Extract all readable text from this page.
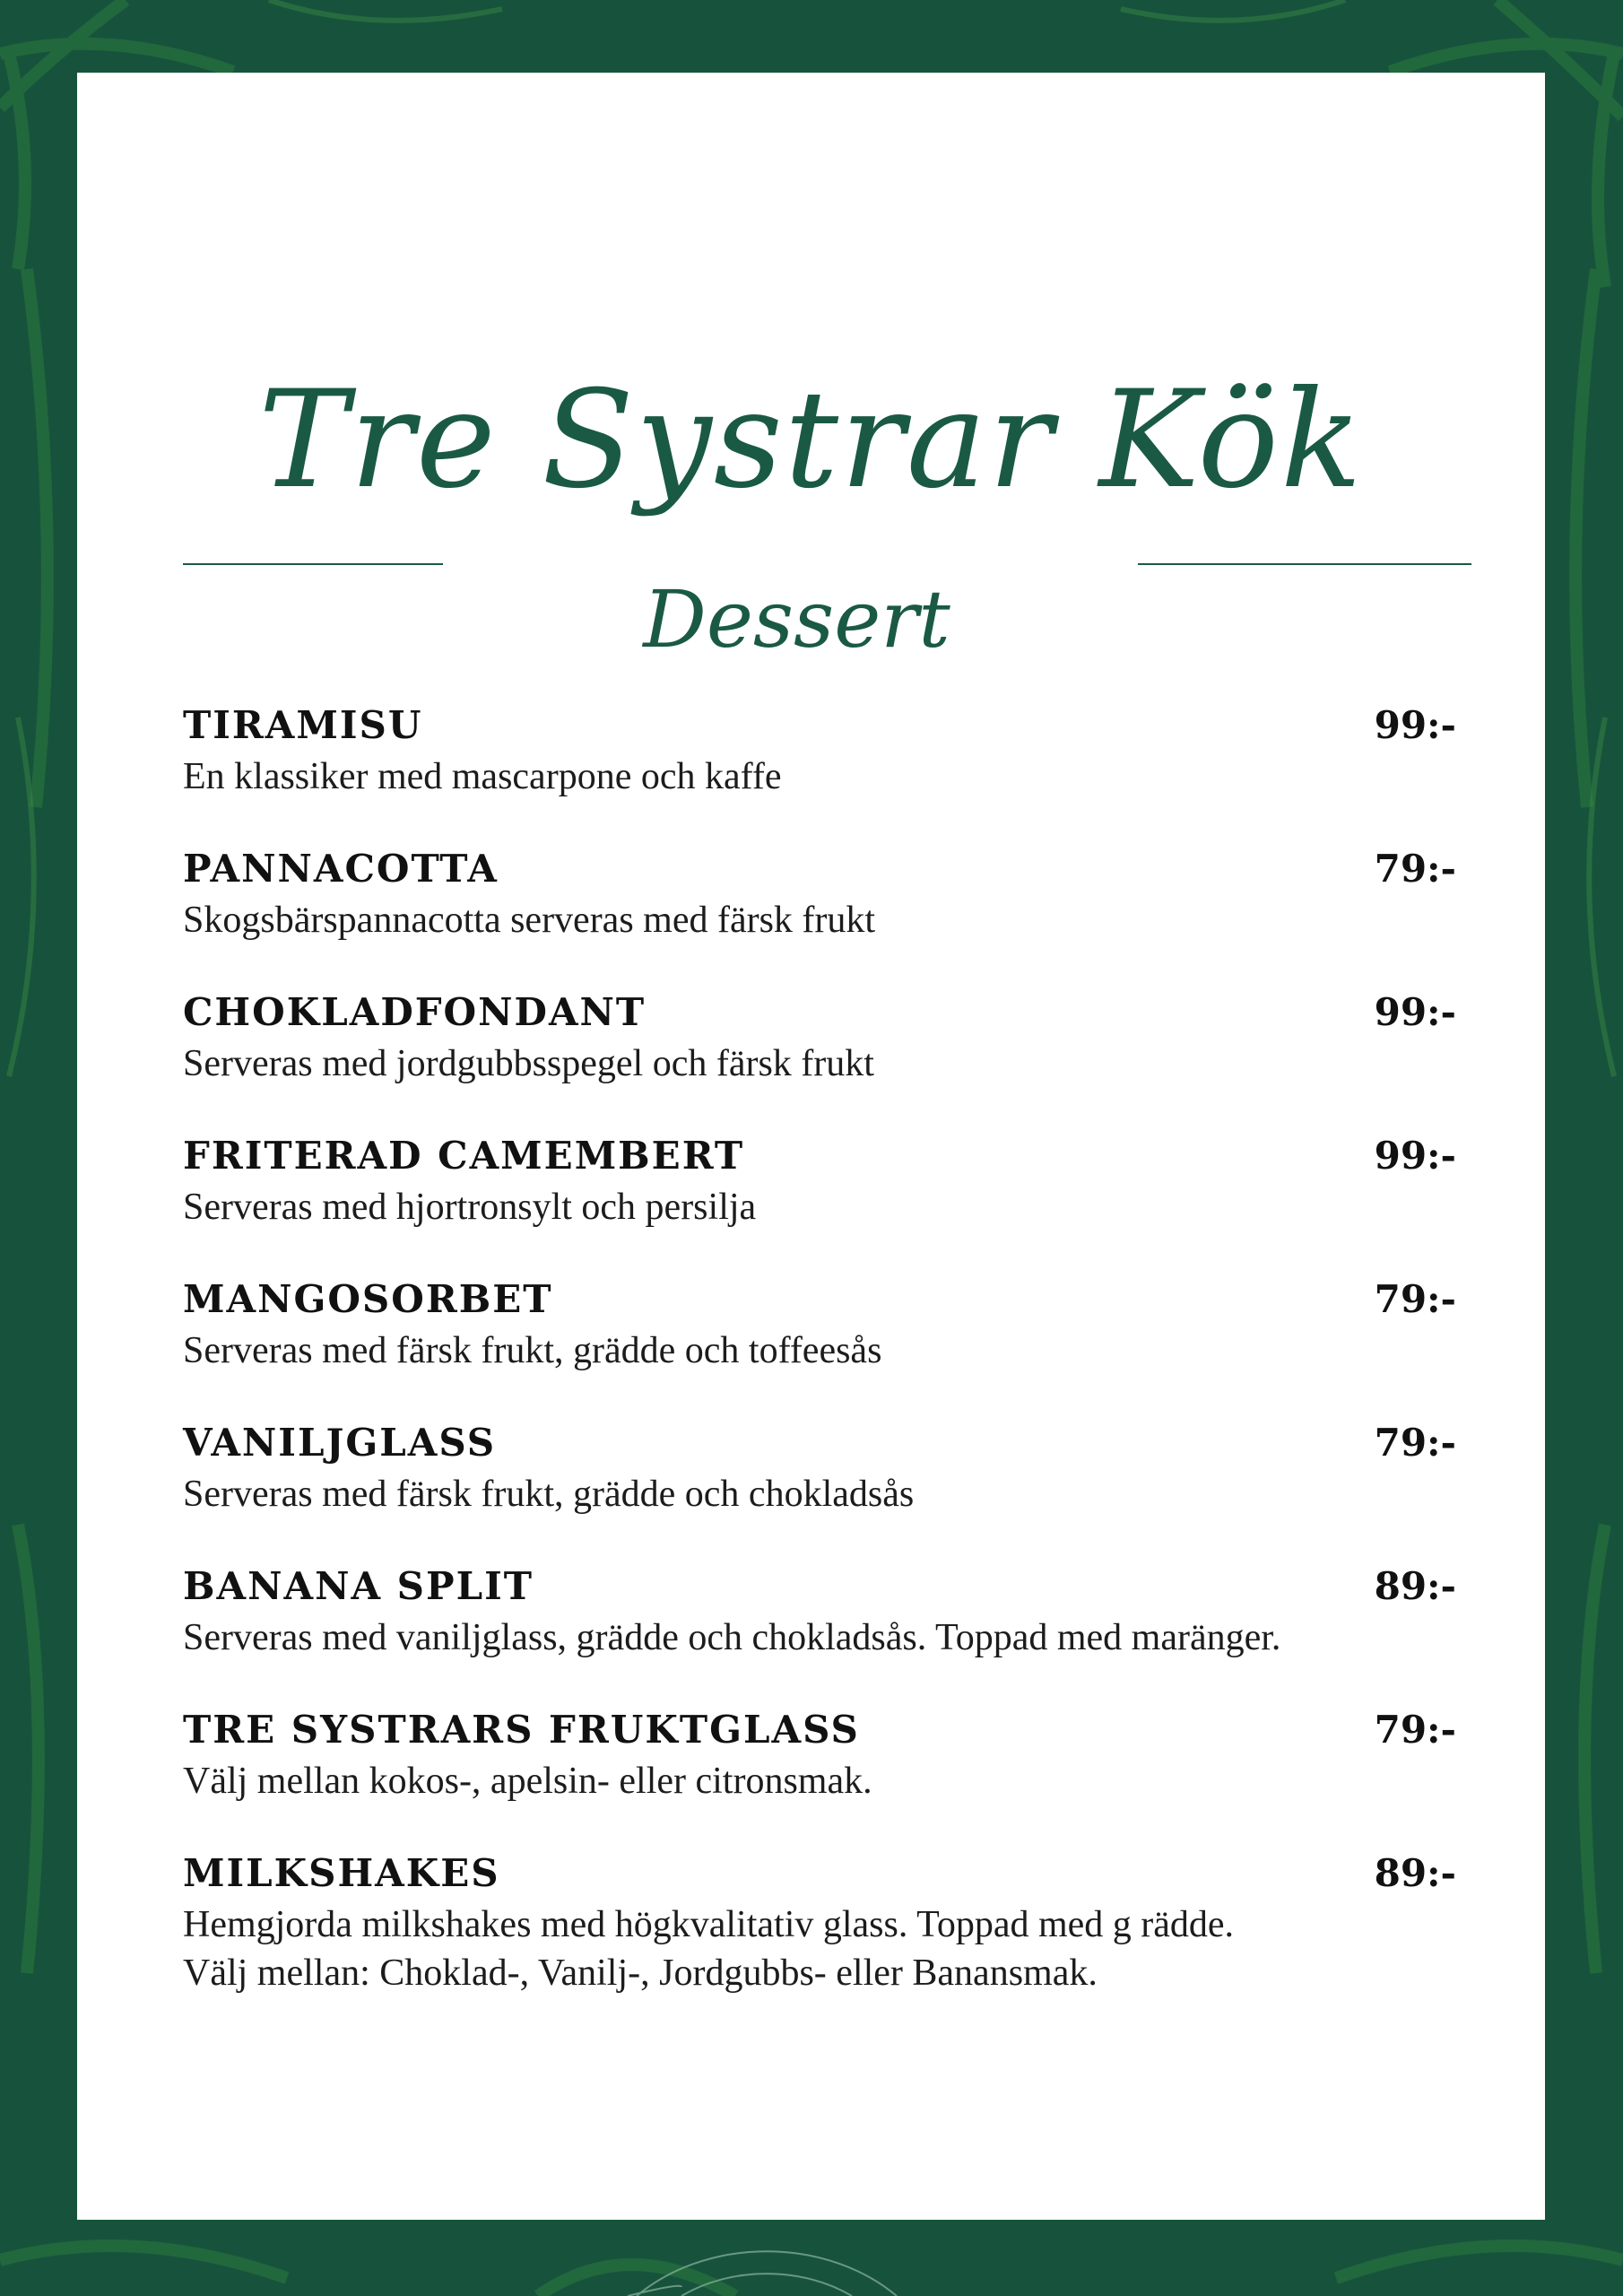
Tre Systrar Kök
Dessert
TIRAMISU	99:-
En klassiker med mascarpone och kaffe
PANNACOTTA	79:-
Skogsbärspannacotta serveras med färsk frukt
CHOKLADFONDANT	99:-
Serveras med jordgubbsspegel och färsk frukt
FRITERAD CAMEMBERT	99:-
Serveras med hjortronsylt och persilja
MANGOSORBET	79:-
Serveras med färsk frukt, grädde och toffeesås
VANILJGLASS	79:-
Serveras med färsk frukt, grädde och chokladsås
BANANA SPLIT	89:-
Serveras med vaniljglass, grädde och chokladsås. Toppad med maränger.
TRE SYSTRARS FRUKTGLASS	79:-
Välj mellan kokos-, apelsin- eller citronsmak.
MILKSHAKES	89:-
Hemgjorda milkshakes med högkvalitativ glass. Toppad med g rädde.
Välj mellan: Choklad-, Vanilj-, Jordgubbs- eller Banansmak.
